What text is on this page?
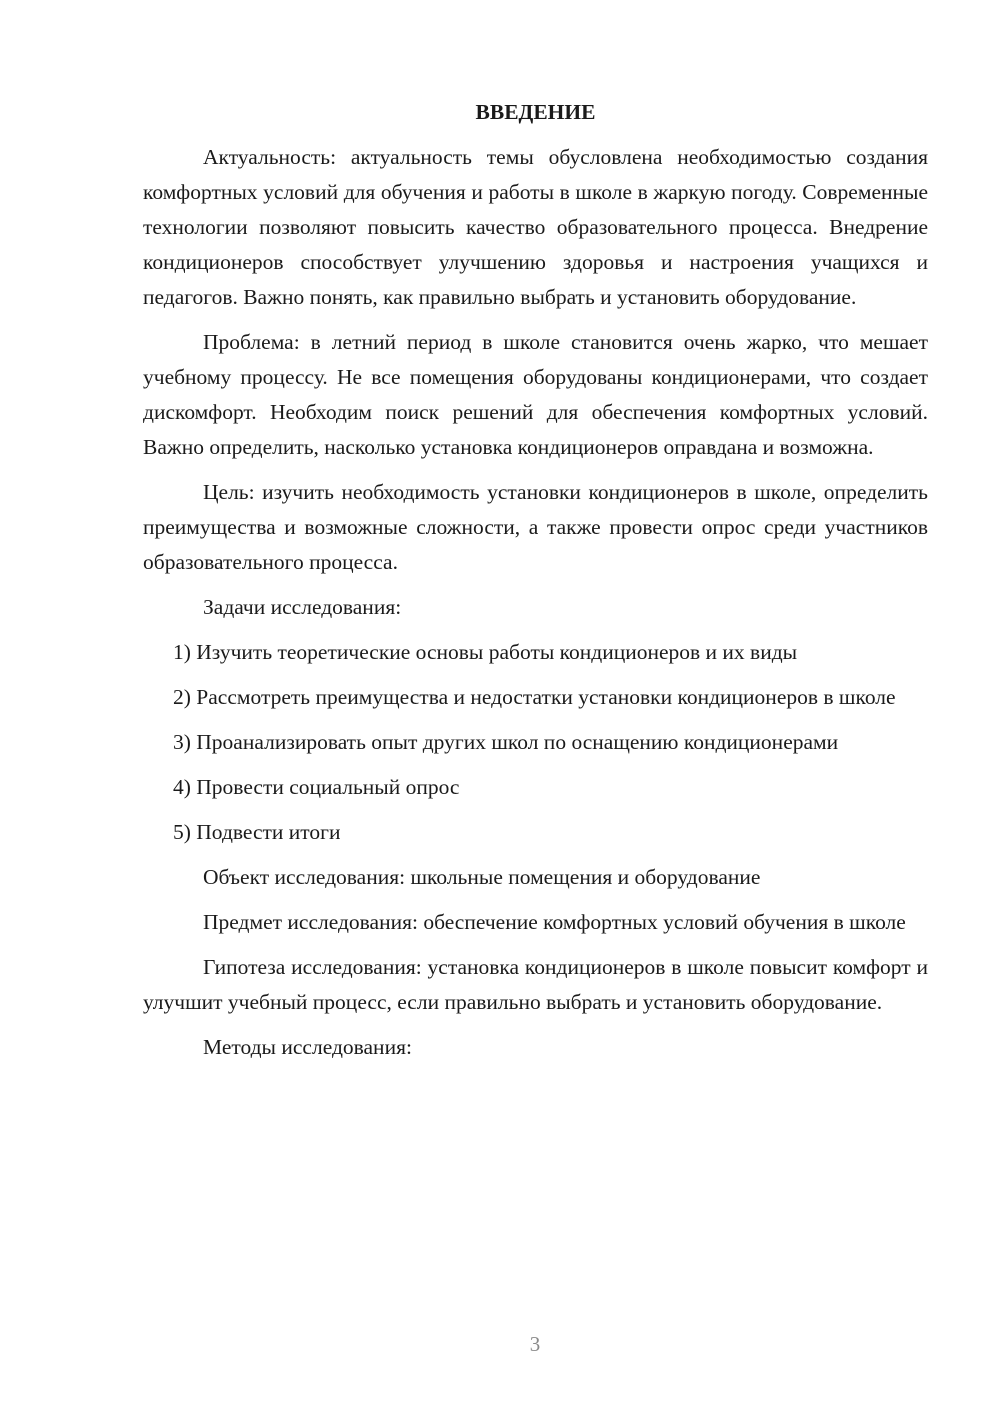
ВВЕДЕНИЕ
Актуальность: актуальность темы обусловлена необходимостью создания комфортных условий для обучения и работы в школе в жаркую погоду. Современные технологии позволяют повысить качество образовательного процесса. Внедрение кондиционеров способствует улучшению здоровья и настроения учащихся и педагогов. Важно понять, как правильно выбрать и установить оборудование.
Проблема: в летний период в школе становится очень жарко, что мешает учебному процессу. Не все помещения оборудованы кондиционерами, что создает дискомфорт. Необходим поиск решений для обеспечения комфортных условий. Важно определить, насколько установка кондиционеров оправдана и возможна.
Цель: изучить необходимость установки кондиционеров в школе, определить преимущества и возможные сложности, а также провести опрос среди участников образовательного процесса.
Задачи исследования:
1) Изучить теоретические основы работы кондиционеров и их виды
2) Рассмотреть преимущества и недостатки установки кондиционеров в школе
3) Проанализировать опыт других школ по оснащению кондиционерами
4) Провести социальный опрос
5) Подвести итоги
Объект исследования: школьные помещения и оборудование
Предмет исследования: обеспечение комфортных условий обучения в школе
Гипотеза исследования: установка кондиционеров в школе повысит комфорт и улучшит учебный процесс, если правильно выбрать и установить оборудование.
Методы исследования:
3
